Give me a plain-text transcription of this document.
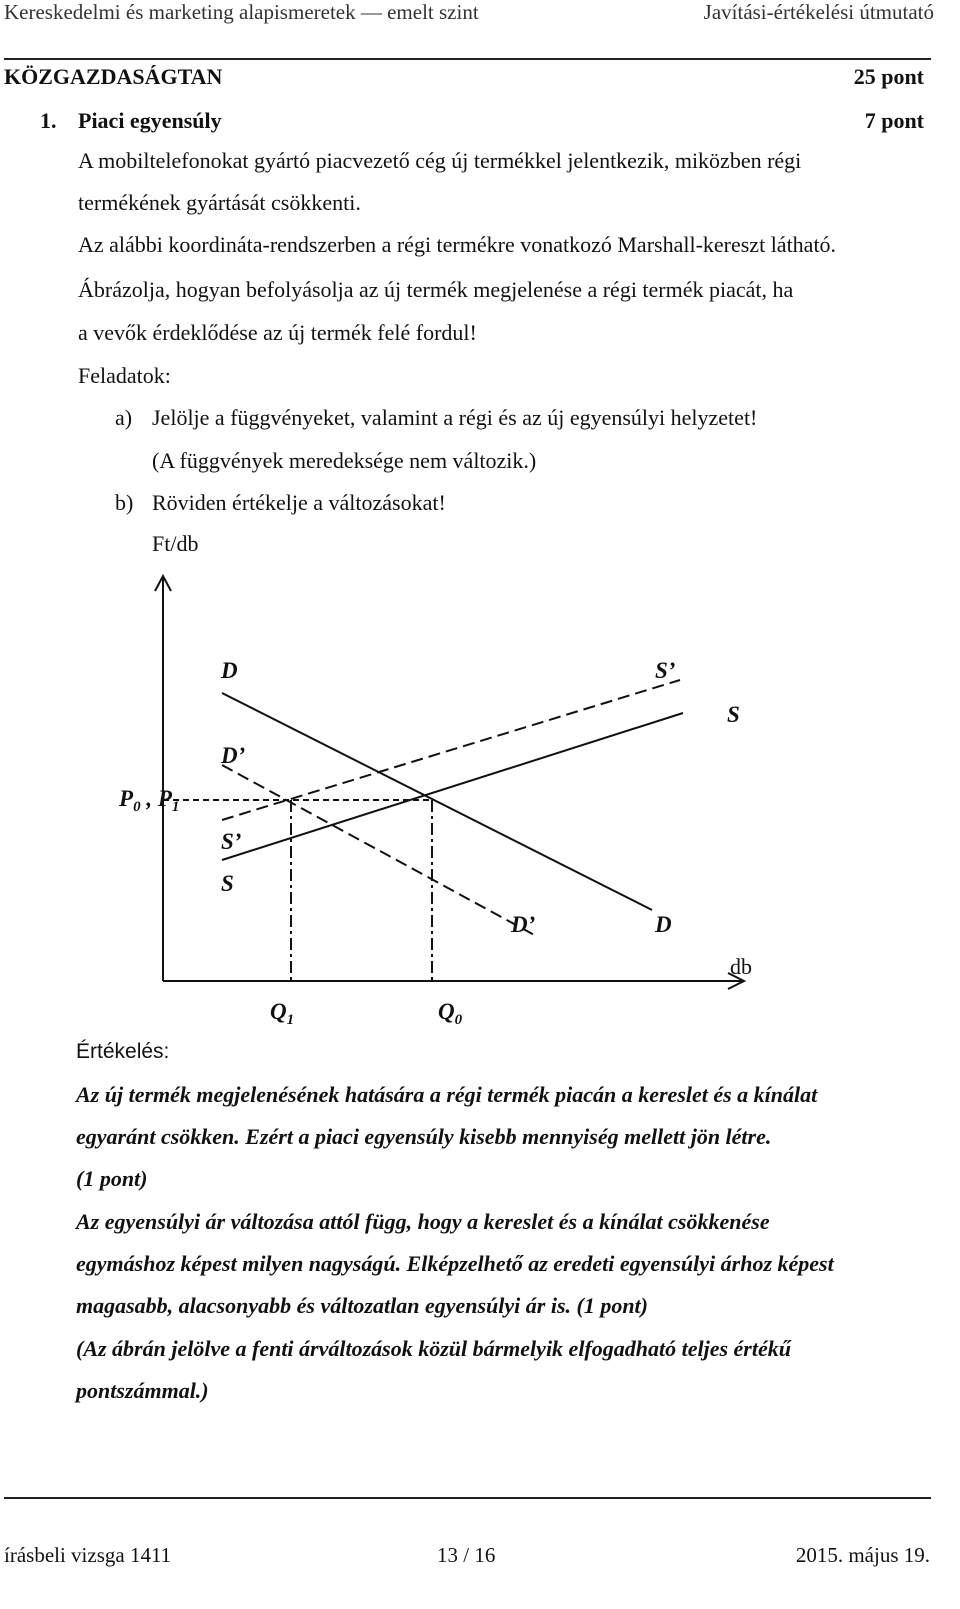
Kereskedelmi és marketing alapismeretek — emelt szint	Javítási-értékelési útmutató
KÖZGAZDASÁGTAN	25 pont
1. Piaci egyensúly	7 pont
A mobiltelefonokat gyártó piacvezető cég új termékkel jelentkezik, miközben régi
termékének gyártását csökkenti.
Az alábbi koordináta-rendszerben a régi termékre vonatkozó Marshall-kereszt látható.
Ábrázolja, hogyan befolyásolja az új termék megjelenése a régi termék piacát, ha
a vevők érdeklődése az új termék felé fordul!
Feladatok:
a) Jelölje a függvényeket, valamint a régi és az új egyensúlyi helyzetet!
(A függvények meredeksége nem változik.)
b) Röviden értékelje a változásokat!
Ft/db
db
D	S’
S
D’
S’
S
D’	D
P0 , P1
Q1	Q0
Értékelés:
Az új termék megjelenésének hatására a régi termék piacán a kereslet és a kínálat
egyaránt csökken. Ezért a piaci egyensúly kisebb mennyiség mellett jön létre.
(1 pont)
Az egyensúlyi ár változása attól függ, hogy a kereslet és a kínálat csökkenése
egymáshoz képest milyen nagyságú. Elképzelhető az eredeti egyensúlyi árhoz képest
magasabb, alacsonyabb és változatlan egyensúlyi ár is. (1 pont)
(Az ábrán jelölve a fenti árváltozások közül bármelyik elfogadható teljes értékű
pontszámmal.)
írásbeli vizsga 1411	13 / 16	2015. május 19.
